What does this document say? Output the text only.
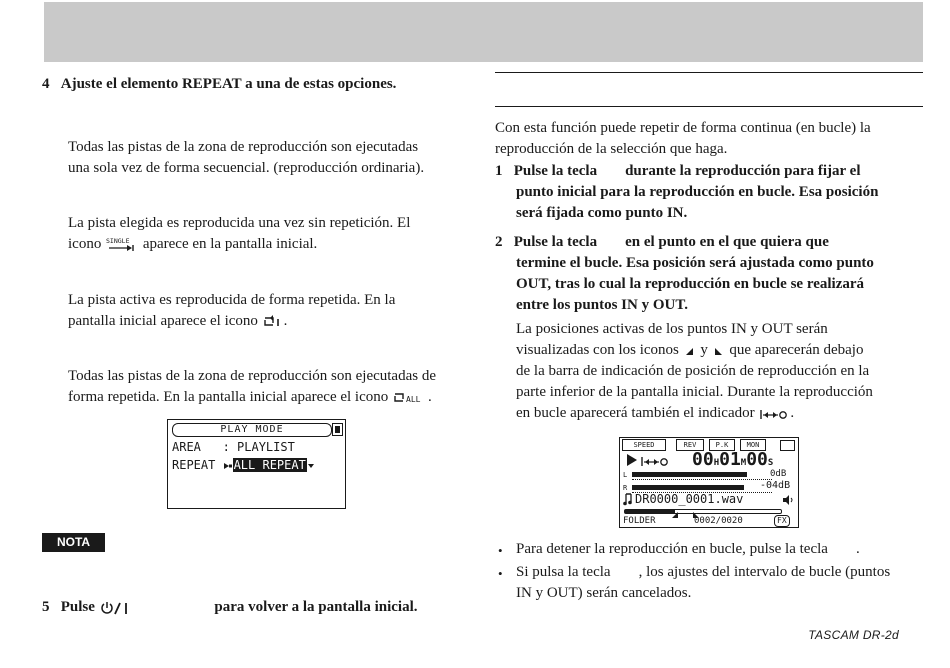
4 Ajuste el elemento REPEAT a una de estas opciones.

Todas las pistas de la zona de reproducción son ejecutadas

una sola vez de forma secuencial. (reproducción ordinaria).

La pista elegida es reproducida una vez sin repetición. El

icono SINGLE aparece en la pantalla inicial.

La pista activa es reproducida de forma repetida. En la

pantalla inicial aparece el icono .

Todas las pistas de la zona de reproducción son ejecutadas de

forma repetida. En la pantalla inicial aparece el icono ALL .

PLAY MODE
AREA   : PLAYLIST
REPEAT ALL REPEAT
NOTA
5 Pulse	para volver a la pantalla inicial.

Con esta función puede repetir de forma continua (en bucle) la

reproducción de la selección que haga.

1 Pulse la tecla durante la reproducción para fijar el

punto inicial para la reproducción en bucle. Esa posición

será fijada como punto IN.

2 Pulse la tecla en el punto en el que quiera que

termine el bucle. Esa posición será ajustada como punto

OUT, tras lo cual la reproducción en bucle se realizará

entre los puntos IN y OUT.

La posiciones activas de los puntos IN y OUT serán

visualizadas con los iconos y que aparecerán debajo

de la barra de indicación de posición de reproducción en la

parte inferior de la pantalla inicial. Durante la reproducción

en bucle aparecerá también el indicador .

SPEED	REV	P.K	MON
00H01M00S
L
R
0dB
-04dB
DR0000_0001.wav
FOLDER	0002/0020	FX
• Para detener la reproducción en bucle, pulse la tecla .

• Si pulsa la tecla , los ajustes del intervalo de bucle (puntos

IN y OUT) serán cancelados.

TASCAM DR-2d
